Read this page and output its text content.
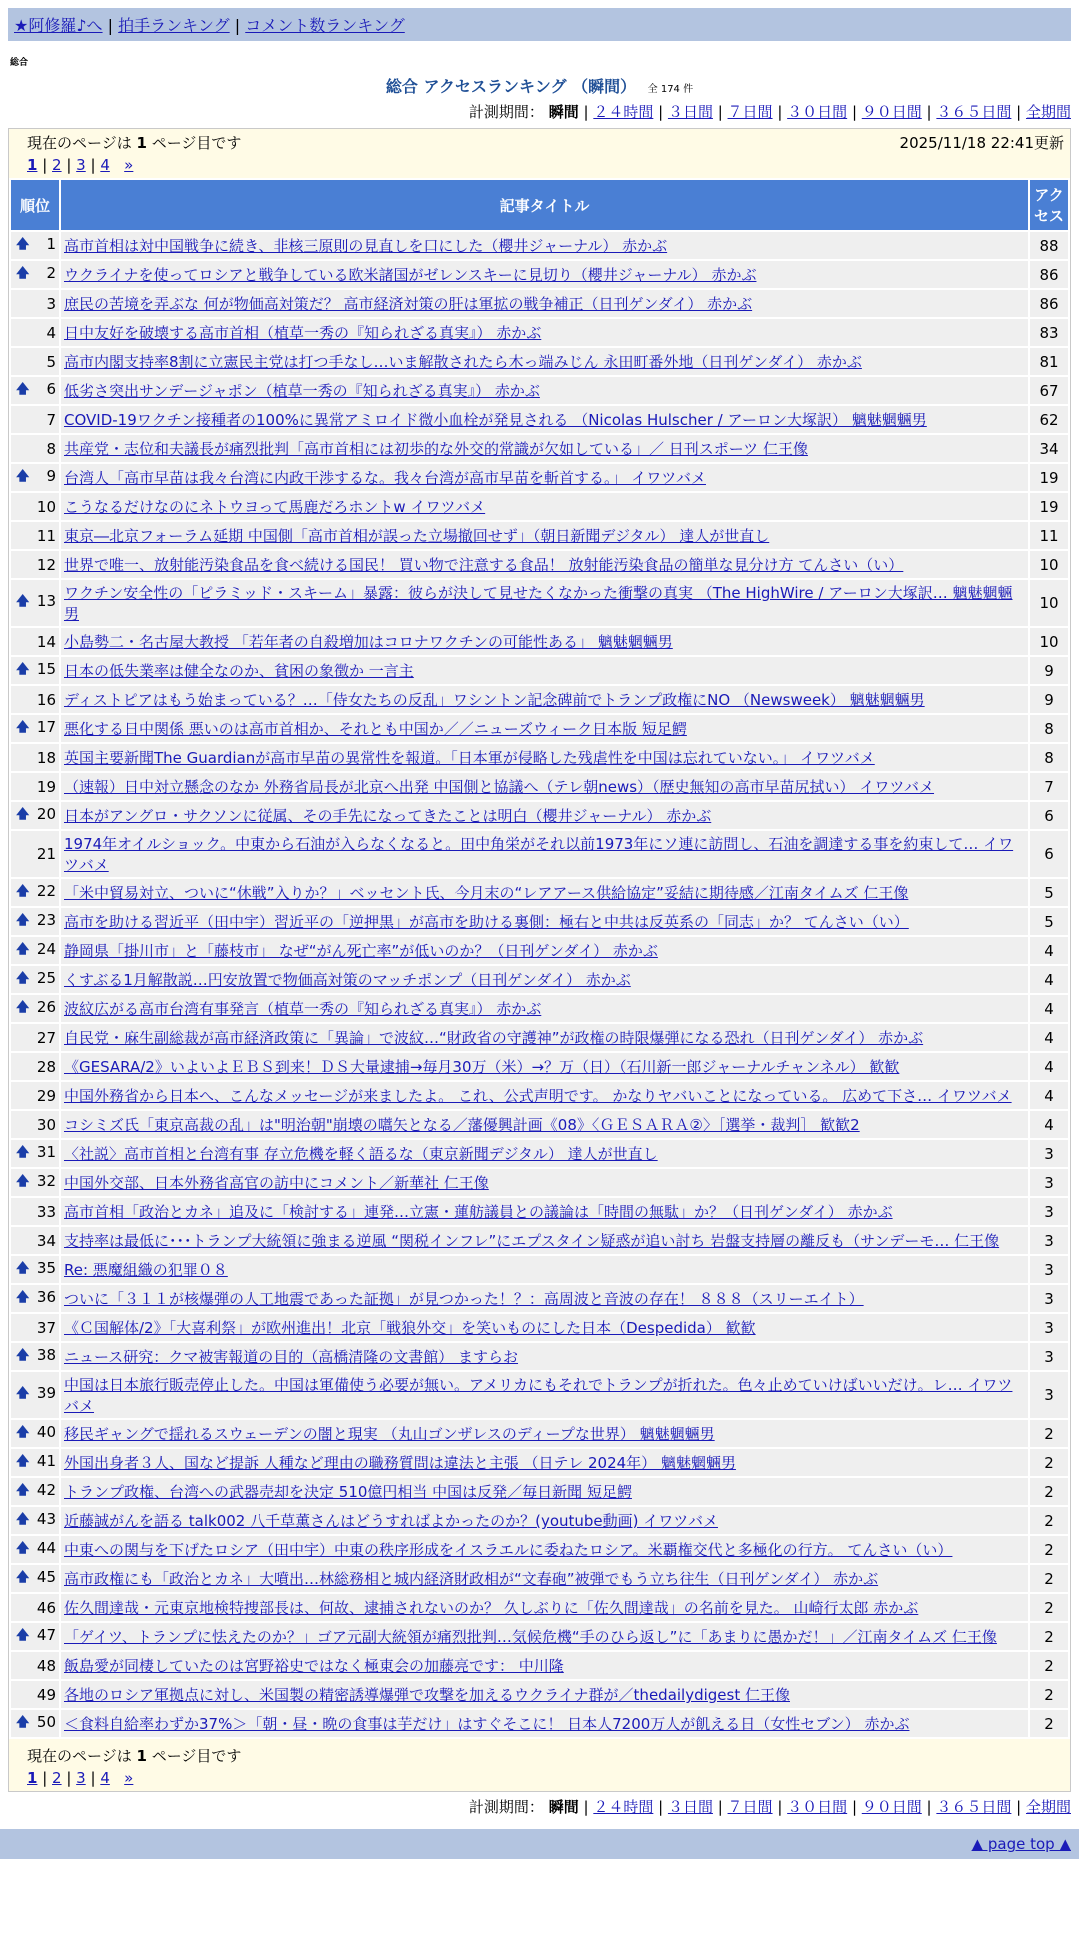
★阿修羅♪へ | 拍手ランキング | コメント数ランキング
総合
総合 アクセスランキング （瞬間） 全 174 件
計測期間： 瞬間 | ２４時間 | ３日間 | ７日間 | ３０日間 | ９０日間 | ３６５日間 | 全期間
現在のページは 1 ページ目です	2025/11/18 22:41更新
1 | 2 | 3 | 4 »
順位	記事タイトル	アクセス

🡅 1	高市首相は対中国戦争に続き、非核三原則の見直しを口にした（櫻井ジャーナル） 赤かぶ	88

🡅 2	ウクライナを使ってロシアと戦争している欧米諸国がゼレンスキーに見切り（櫻井ジャーナル） 赤かぶ	86
3	庶民の苦境を弄ぶな 何が物価高対策だ？ 高市経済対策の肝は軍拡の戦争補正（日刊ゲンダイ） 赤かぶ	86
4	日中友好を破壊する高市首相（植草一秀の『知られざる真実』） 赤かぶ	83
5	高市内閣支持率8割に立憲民主党は打つ手なし…いま解散されたら木っ端みじん 永田町番外地（日刊ゲンダイ） 赤かぶ	81

🡅 6	低劣さ突出サンデージャポン（植草一秀の『知られざる真実』） 赤かぶ	67
7	COVID-19ワクチン接種者の100%に異常アミロイド微小血栓が発見される （Nicolas Hulscher / アーロン大塚訳） 魑魅魍魎男	62
8	共産党・志位和夫議長が痛烈批判「高市首相には初歩的な外交的常識が欠如している」／ 日刊スポーツ 仁王像	34

🡅 9	台湾人「高市早苗は我々台湾に内政干渉するな。我々台湾が高市早苗を斬首する。」 イワツバメ	19
10	こうなるだけなのにネトウヨって馬鹿だろホントw イワツバメ	19
11	東京―北京フォーラム延期 中国側「高市首相が誤った立場撤回せず」（朝日新聞デジタル） 達人が世直し	11
12	世界で唯一、放射能汚染食品を食べ続ける国民！ 買い物で注意する食品！ 放射能汚染食品の簡単な見分け方 てんさい（い）	10

🡅 13	ワクチン安全性の「ピラミッド・スキーム」暴露：彼らが決して見せたくなかった衝撃の真実 （The HighWire / アーロン大塚訳… 魑魅魍魎男	10
14	小島勢二・名古屋大教授 「若年者の自殺増加はコロナワクチンの可能性ある」 魑魅魍魎男	10

🡅 15	日本の低失業率は健全なのか、貧困の象徴か 一言主	9
16	ディストピアはもう始まっている？…「侍女たちの反乱」ワシントン記念碑前でトランプ政権にNO （Newsweek） 魑魅魍魎男	9

🡅 17	悪化する日中関係 悪いのは高市首相か、それとも中国か／／ニューズウィーク日本版 短足鰐	8
18	英国主要新聞The Guardianが高市早苗の異常性を報道。「日本軍が侵略した残虐性を中国は忘れていない。」 イワツバメ	8
19	（速報）日中対立懸念のなか 外務省局長が北京へ出発 中国側と協議へ（テレ朝news）（歴史無知の高市早苗尻拭い） イワツバメ	7

🡅 20	日本がアングロ・サクソンに従属、その手先になってきたことは明白（櫻井ジャーナル） 赤かぶ	6
21	1974年オイルショック。中東から石油が入らなくなると。田中角栄がそれ以前1973年にソ連に訪問し、石油を調達する事を約束して… イワツバメ	6

🡅 22	「米中貿易対立、ついに“休戦”入りか？」ベッセント氏、今月末の“レアアース供給協定”妥結に期待感／江南タイムズ 仁王像	5

🡅 23	高市を助ける習近平（田中宇）習近平の「逆押黒」が高市を助ける裏側：極右と中共は反英系の「同志」か？ てんさい（い）	5

🡅 24	静岡県「掛川市」と「藤枝市」 なぜ“がん死亡率”が低いのか？（日刊ゲンダイ） 赤かぶ	4

🡅 25	くすぶる1月解散説…円安放置で物価高対策のマッチポンプ（日刊ゲンダイ） 赤かぶ	4

🡅 26	波紋広がる高市台湾有事発言（植草一秀の『知られざる真実』） 赤かぶ	4
27	自民党・麻生副総裁が高市経済政策に「異論」で波紋…“財政省の守護神”が政権の時限爆弾になる恐れ（日刊ゲンダイ） 赤かぶ	4
28	《GESARA/2》いよいよＥＢＳ到来！ＤＳ大量逮捕→毎月30万（米）→？万（日）（石川新一郎ジャーナルチャンネル） 歓歓	4
29	中国外務省から日本へ、こんなメッセージが来ましたよ。 これ、公式声明です。 かなりヤバいことになっている。 広めて下さ… イワツバメ	4
30	コシミズ氏「東京高裁の乱」は"明治朝"崩壊の嚆矢となる／藩優興計画《08》〈ＧＥＳＡＲＡ②〉［選挙・裁判］ 歓歓2	4

🡅 31	〈社説〉高市首相と台湾有事 存立危機を軽く語るな（東京新聞デジタル） 達人が世直し	3

🡅 32	中国外交部、日本外務省高官の訪中にコメント／新華社 仁王像	3
33	高市首相「政治とカネ」追及に「検討する」連発…立憲・蓮舫議員との議論は「時間の無駄」か？（日刊ゲンダイ） 赤かぶ	3
34	支持率は最低に･･･トランプ大統領に強まる逆風 “関税インフレ”にエプスタイン疑惑が追い討ち 岩盤支持層の離反も（サンデーモ… 仁王像	3

🡅 35	Re: 悪魔組織の犯罪０８	3

🡅 36	ついに「３１１が核爆弾の人工地震であった証拠」が見つかった！？：高周波と音波の存在！ ８８８（スリーエイト）	3
37	《Ｃ国解体/2》「大喜利祭」が欧州進出！北京「戦狼外交」を笑いものにした日本（Despedida） 歓歓	3

🡅 38	ニュース研究：クマ被害報道の目的（高橋清隆の文書館） ますらお	3

🡅 39	中国は日本旅行販売停止した。中国は軍備使う必要が無い。アメリカにもそれでトランプが折れた。色々止めていけばいいだけ。レ… イワツバメ	3

🡅 40	移民ギャングで揺れるスウェーデンの闇と現実 （丸山ゴンザレスのディープな世界） 魑魅魍魎男	2

🡅 41	外国出身者３人、国など提訴 人種など理由の職務質問は違法と主張 （日テレ 2024年） 魑魅魍魎男	2

🡅 42	トランプ政権、台湾への武器売却を決定 510億円相当 中国は反発／毎日新聞 短足鰐	2

🡅 43	近藤誠がんを語る talk002 八千草薫さんはどうすればよかったのか？(youtube動画) イワツバメ	2

🡅 44	中東への関与を下げたロシア（田中宇）中東の秩序形成をイスラエルに委ねたロシア。米覇権交代と多極化の行方。 てんさい（い）	2

🡅 45	高市政権にも「政治とカネ」大噴出…林総務相と城内経済財政相が“文春砲”被弾でもう立ち往生（日刊ゲンダイ） 赤かぶ	2
46	佐久間達哉・元東京地検特捜部長は、何故、逮捕されないのか？ 久しぶりに「佐久間達哉」の名前を見た。 山崎行太郎 赤かぶ	2

🡅 47	「ゲイツ、トランプに怯えたのか？」ゴア元副大統領が痛烈批判…気候危機“手のひら返し”に「あまりに愚かだ！」／江南タイムズ 仁王像	2
48	飯島愛が同棲していたのは宮野裕史ではなく極東会の加藤亮です： 中川隆	2
49	各地のロシア軍拠点に対し、米国製の精密誘導爆弾で攻撃を加えるウクライナ群が／thedailydigest 仁王像	2

🡅 50	＜食料自給率わずか37%＞「朝・昼・晩の食事は芋だけ」はすぐそこに！ 日本人7200万人が飢える日（女性セブン） 赤かぶ	2
現在のページは 1 ページ目です
1 | 2 | 3 | 4 »
計測期間： 瞬間 | ２４時間 | ３日間 | ７日間 | ３０日間 | ９０日間 | ３６５日間 | 全期間
▲ page top ▲
